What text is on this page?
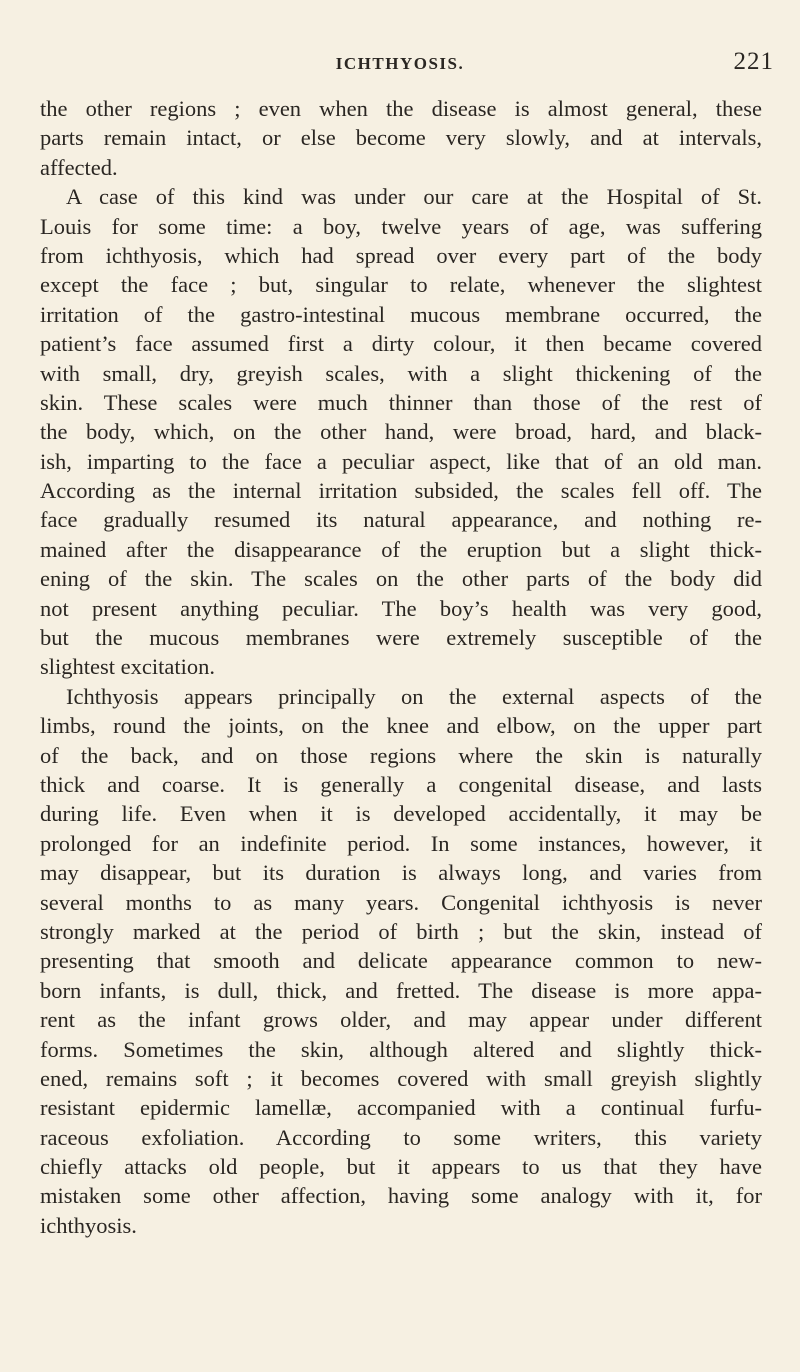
ICHTHYOSIS.	221
the other regions ; even when the disease is almost general, these
parts remain intact, or else become very slowly, and at intervals,
affected.
A case of this kind was under our care at the Hospital of St.
Louis for some time: a boy, twelve years of age, was suffering
from ichthyosis, which had spread over every part of the body
except the face ; but, singular to relate, whenever the slightest
irritation of the gastro-intestinal mucous membrane occurred, the
patient’s face assumed first a dirty colour, it then became covered
with small, dry, greyish scales, with a slight thickening of the
skin. These scales were much thinner than those of the rest of
the body, which, on the other hand, were broad, hard, and black-
ish, imparting to the face a peculiar aspect, like that of an old man.
According as the internal irritation subsided, the scales fell off. The
face gradually resumed its natural appearance, and nothing re-
mained after the disappearance of the eruption but a slight thick-
ening of the skin. The scales on the other parts of the body did
not present anything peculiar. The boy’s health was very good,
but the mucous membranes were extremely susceptible of the
slightest excitation.
Ichthyosis appears principally on the external aspects of the
limbs, round the joints, on the knee and elbow, on the upper part
of the back, and on those regions where the skin is naturally
thick and coarse. It is generally a congenital disease, and lasts
during life. Even when it is developed accidentally, it may be
prolonged for an indefinite period. In some instances, however, it
may disappear, but its duration is always long, and varies from
several months to as many years. Congenital ichthyosis is never
strongly marked at the period of birth ; but the skin, instead of
presenting that smooth and delicate appearance common to new-
born infants, is dull, thick, and fretted. The disease is more appa-
rent as the infant grows older, and may appear under different
forms. Sometimes the skin, although altered and slightly thick-
ened, remains soft ; it becomes covered with small greyish slightly
resistant epidermic lamellæ, accompanied with a continual furfu-
raceous exfoliation. According to some writers, this variety
chiefly attacks old people, but it appears to us that they have
mistaken some other affection, having some analogy with it, for
ichthyosis.
